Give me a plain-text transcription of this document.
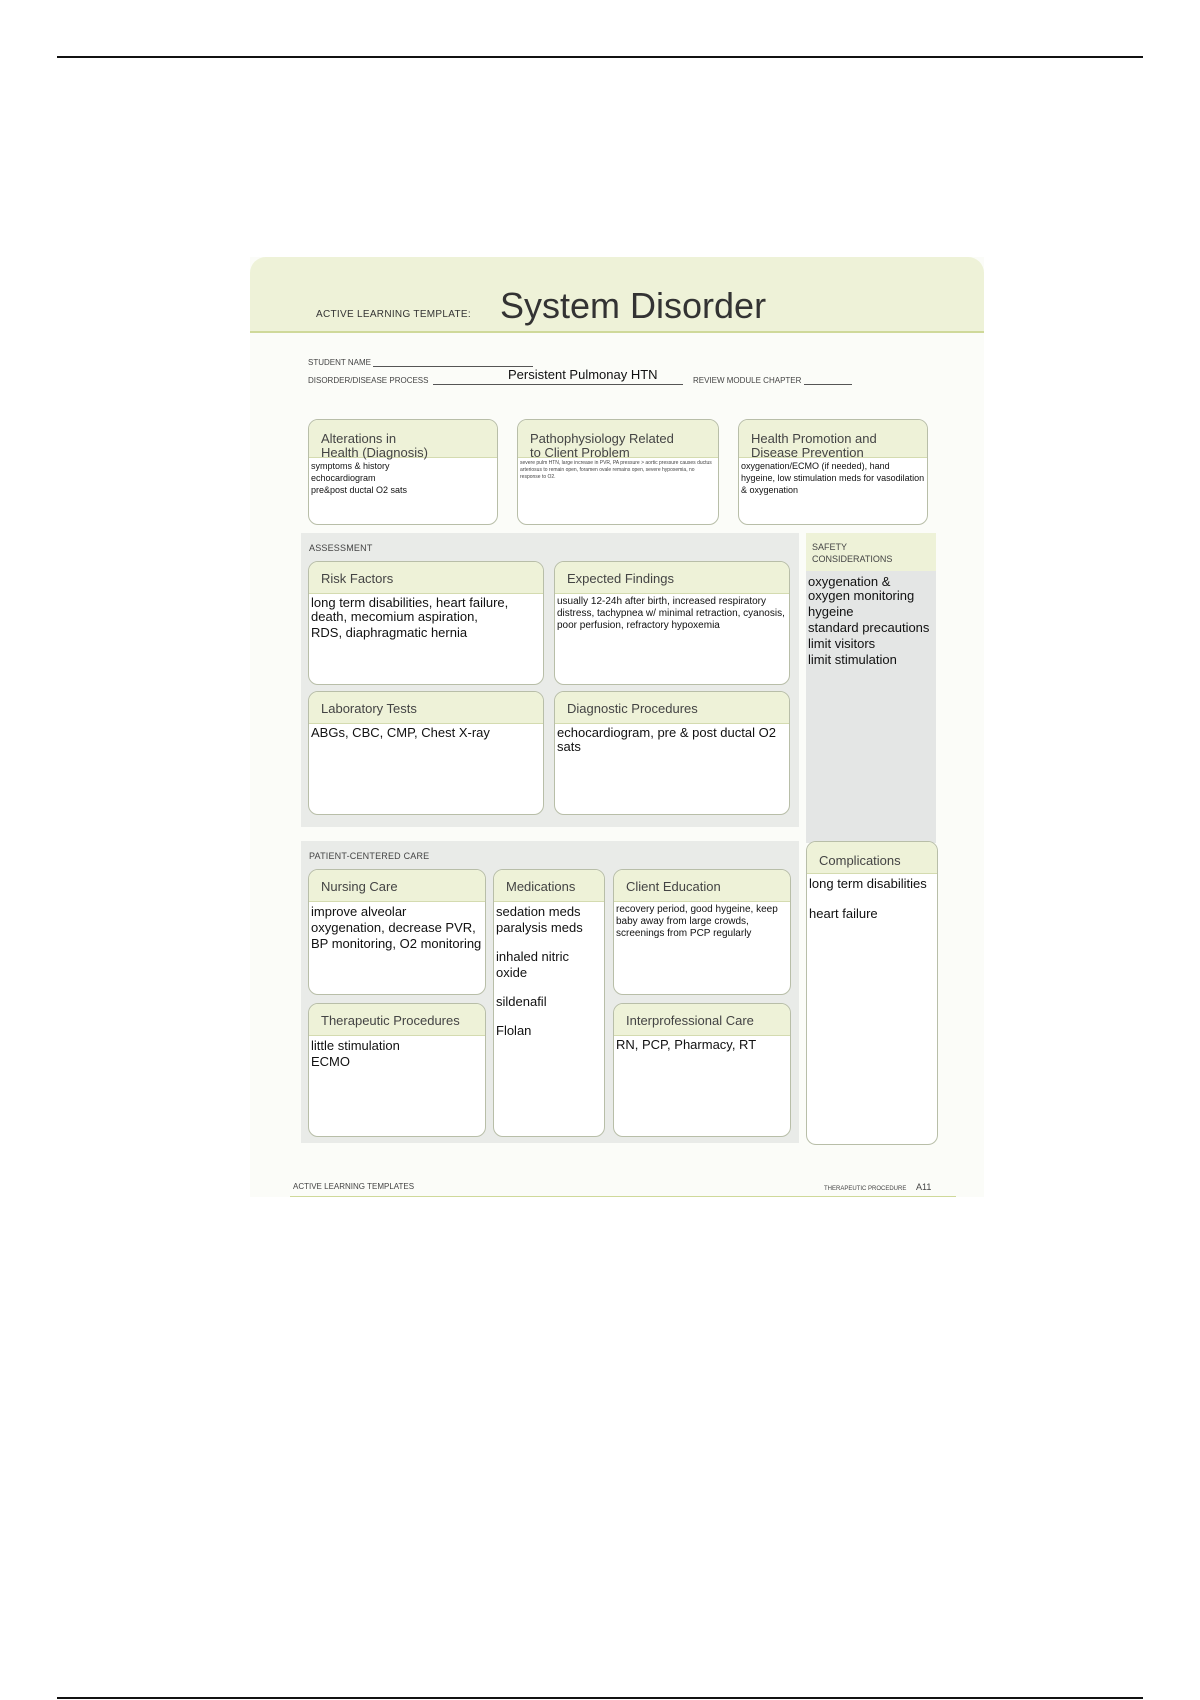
ACTIVE LEARNING TEMPLATE: System Disorder
STUDENT NAME
DISORDER/DISEASE PROCESS	Persistent Pulmonay HTN	REVIEW MODULE CHAPTER
Alterations in
Health (Diagnosis)
symptoms & history
echocardiogram
pre&post ductal O2 sats
Pathophysiology Related
to Client Problem
severe pulm HTN, large increase in PVR, PA pressure > aortic pressure causes ductus arteriosus to remain open, foramen ovale remains open, severe hypoxemia, no response to O2.
Health Promotion and
Disease Prevention
oxygenation/ECMO (if needed), hand hygeine, low stimulation meds for vasodilation & oxygenation
ASSESSMENT
Risk Factors

long term disabilities, heart failure, death, mecomium aspiration,

RDS, diaphragmatic hernia

Expected Findings
usually 12-24h after birth, increased respiratory distress, tachypnea w/ minimal retraction, cyanosis, poor perfusion, refractory hypoxemia
Laboratory Tests
ABGs, CBC, CMP, Chest X-ray
Diagnostic Procedures
echocardiogram, pre & post ductal O2 sats
SAFETY
CONSIDERATIONS
oxygenation & oxygen monitoring
hygeine
standard precautions
limit visitors
limit stimulation
PATIENT-CENTERED CARE
Nursing Care
improve alveolar oxygenation, decrease PVR, BP monitoring, O2 monitoring
Medications
sedation meds
paralysis meds
inhaled nitric oxide
sildenafil
Flolan
Client Education
recovery period, good hygeine, keep baby away from large crowds, screenings from PCP regularly
Therapeutic Procedures
little stimulation
ECMO
Interprofessional Care
RN, PCP, Pharmacy, RT
Complications
long term disabilities
heart failure
ACTIVE LEARNING TEMPLATES	THERAPEUTIC PROCEDURE A11
